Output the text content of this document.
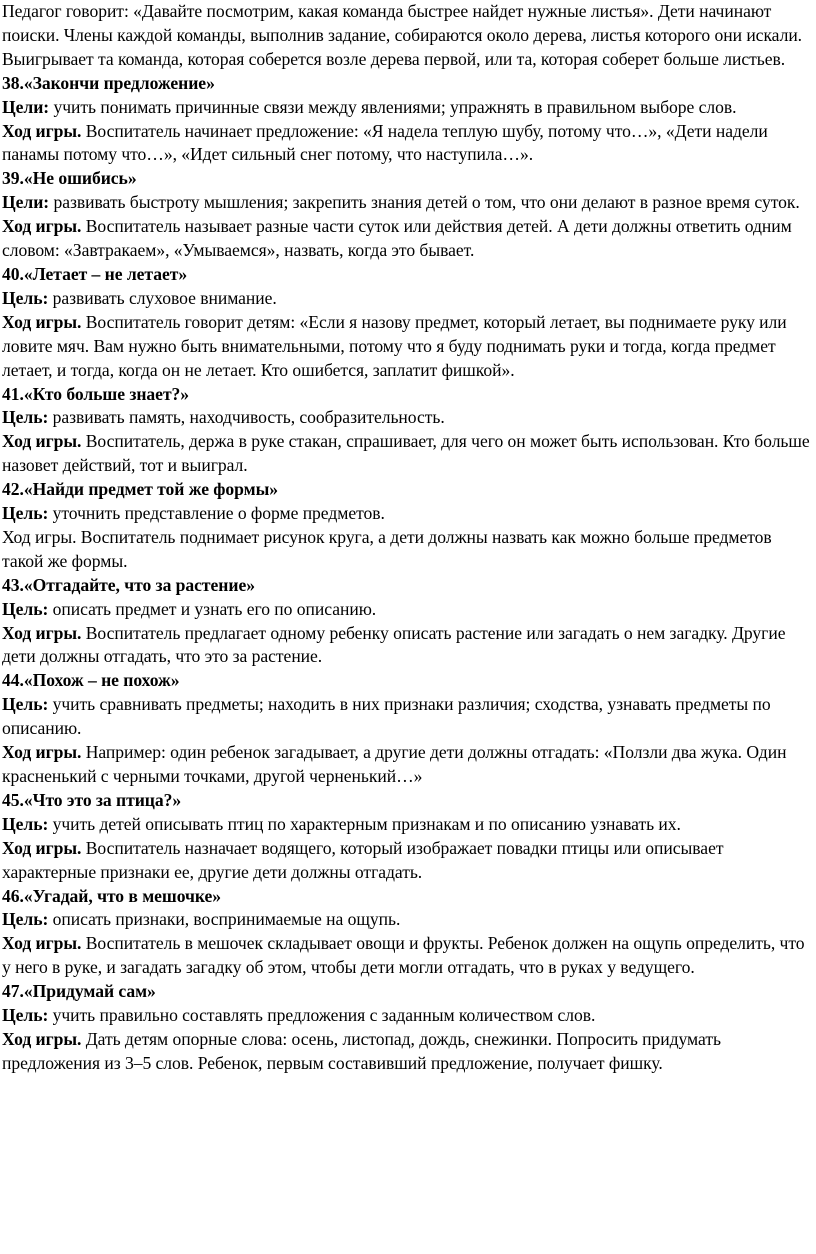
Педагог говорит: «Давайте посмотрим, какая команда быстрее найдет нужные листья». Дети начинают поиски. Члены каждой команды, выполнив задание, собираются около дерева, листья которого они искали.

Выигрывает та команда, которая соберется возле дерева первой, или та, которая соберет больше листьев.

38.«Закончи предложение»

Цели: учить понимать причинные связи между явлениями; упражнять в правильном выборе слов.

Ход игры. Воспитатель начинает предложение: «Я надела теплую шубу, потому что…», «Дети надели панамы потому что…», «Идет сильный снег потому, что наступила…».

39.«Не ошибись»

Цели: развивать быстроту мышления; закрепить знания детей о том, что они делают в разное время суток.

Ход игры. Воспитатель называет разные части суток или действия детей. А дети должны ответить одним словом: «Завтракаем», «Умываемся», назвать, когда это бывает.

40.«Летает – не летает»

Цель: развивать слуховое внимание.

Ход игры. Воспитатель говорит детям: «Если я назову предмет, который летает, вы поднимаете руку или ловите мяч. Вам нужно быть внимательными, потому что я буду поднимать руки и тогда, когда предмет летает, и тогда, когда он не летает. Кто ошибется, заплатит фишкой».

41.«Кто больше знает?»

Цель: развивать память, находчивость, сообразительность.

Ход игры. Воспитатель, держа в руке стакан, спрашивает, для чего он может быть использован. Кто больше назовет действий, тот и выиграл.

42.«Найди предмет той же формы»

Цель: уточнить представление о форме предметов.

Ход игры. Воспитатель поднимает рисунок круга, а дети должны назвать как можно больше предметов такой же формы.

43.«Отгадайте, что за растение»

Цель: описать предмет и узнать его по описанию.

Ход игры. Воспитатель предлагает одному ребенку описать растение или загадать о нем загадку. Другие дети должны отгадать, что это за растение.

44.«Похож – не похож»

Цель: учить сравнивать предметы; находить в них признаки различия; сходства, узнавать предметы по описанию.

Ход игры. Например: один ребенок загадывает, а другие дети должны отгадать: «Ползли два жука. Один красненький с черными точками, другой черненький…»

45.«Что это за птица?»

Цель: учить детей описывать птиц по характерным признакам и по описанию узнавать их.

Ход игры. Воспитатель назначает водящего, который изображает повадки птицы или описывает характерные признаки ее, другие дети должны отгадать.

46.«Угадай, что в мешочке»

Цель: описать признаки, воспринимаемые на ощупь.

Ход игры. Воспитатель в мешочек складывает овощи и фрукты. Ребенок должен на ощупь определить, что у него в руке, и загадать загадку об этом, чтобы дети могли отгадать, что в руках у ведущего.

47.«Придумай сам»

Цель: учить правильно составлять предложения с заданным количеством слов.

Ход игры. Дать детям опорные слова: осень, листопад, дождь, снежинки. Попросить придумать предложения из 3–5 слов. Ребенок, первым составивший предложение, получает фишку.
